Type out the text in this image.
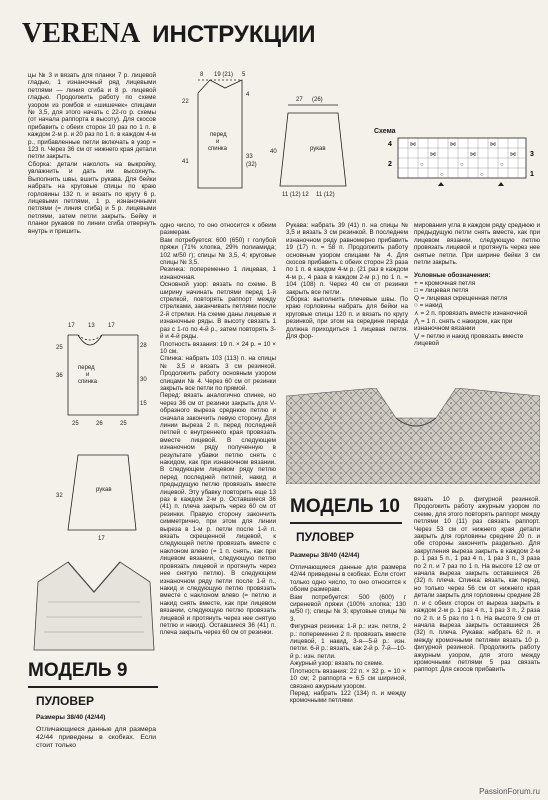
VERENA ИНСТРУКЦИИ
цы № 3 и вязать для планки 7 р. лицевой гладью, 1 изнаночный ряд лицевыми петлями — линия сгиба и 8 р. лицевой гладью. Продолжить работу по схеме узором из ромбов и «шишечек» спицами № 3,5, для этого начать с 22-го р. схемы (от начала раппорта в высоту). Для скосов прибавить с обеих сторон 10 раз по 1 п. в каждом 2-м р. и 20 раз по 1 п. в каждом 4-м р., прибавленные петли включать в узор = 123 п. Через 36 см от нижнего края детали петли закрыть.
Сборка: детали наколоть на выкройку, увлажнить и дать им высохнуть. Выполнить швы, вшить рукава. Для бейки набрать на круговые спицы по краю горловины 132 п. и вязать по кругу 6 р. лицевыми петлями, 1 р. изнаночными петлями (= линия сгиба) и 5 р. лицевыми петлями, затем петли закрыть. Бейку и планки рукавов по линии сгиба отвернуть внутрь и пришить.
8 19 (21) 5
22
41
4
33
(32)
перед
и
спинка
27 (26)
40	рукав
11 (12) 12 11 (12)
Схема
⋈
⋈
⋈
⋈
⋈
⋈
○
○
○
○
○
4
3
2
1
мирования угла в каждом ряду среднюю и предыдущую петли снять вместе, как при лицевом вязании, следующую петлю провязать лицевой и протянуть через нее снятые петли. При ширине бейки 3 см петли закрыть.
Условные обозначения:
+ = кромочная петля
□ = лицевая петля
Q = лицевая скрещенная петля
○ = накид
⋏ = 2 п. провязать вместе изнаночной
⋀ = 1 п. снять с накидом, как при изнаночном вязании
⋁ = петлю и накид провязать вместе лицевой
17 13 17
25	28
перед
и
спинка
36
30
15
25	26	25
рукав
32
17
МОДЕЛЬ 9
ПУЛОВЕР
Размеры 38/40 (42/44)
Отличающиеся данные для размера 42/44 приведены в скобках. Если стоит только
одно число, то оно относится к обеим размерам.
Вам потребуется: 600 (650) г голубой пряжи (71% хлопка, 29% полиамида; 102 м/50 г); спицы № 3,5, 4; круговые спицы № 3,5.
Резинка: попеременно 1 лицевая, 1 изнаночная.
Основной узор: вязать по схеме. В ширину начинать петлями перед 1-й стрелкой, повторять раппорт между стрелками, заканчивать петлями после 2-й стрелки. На схеме даны лицевые и изнаночные ряды. В высоту связать 1 раз с 1-го по 4-й р., затем повторять 3-й и 4-й ряды.
Плотность вязания: 19 п. × 24 р. = 10 × 10 см.
Спинка: набрать 103 (113) п. на спицы № 3,5 и вязать 3 см резинкой. Продолжить работу основным узором спицами № 4. Через 60 см от резинки закрыть все петли по прямой.
Перед: вязать аналогично спинке, но через 36 см от резинки закрыть для V-образного выреза среднюю петлю и сначала закончить левую сторону. Для линии выреза 2 п. перед последней петлей с внутреннего края провязать вместе лицевой. В следующем изнаночном ряду полученную в результате убавки петлю снять с накидом, как при изнаночном вязании. В следующем лицевом ряду петлю перед последней петлей, накид и предыдущую петлю провязать вместе лицевой. Эту убавку повторить еще 13 раз в каждом 2-м р. Оставшиеся 36 (41) п. плеча закрыть через 60 см от резинки. Правую сторону закончить симметрично, при этом для линии выреза в 1-м р. петли после 1-й п. вязать скрещенной лицевой, к следующей петле провязать вместе с наклоном влево (= 1 п. снять, как при лицевом вязании, следующую петлю провязать лицевой и протянуть через нее снятую петлю). В следующем изнаночном ряду петли после 1-й п., накид и следующую петлю провязать вместе с наклоном влево (= петлю и накид снять вместе, как при лицевом вязании, следующую петлю провязать лицевой и протянуть через нее снятую петлю и накид). Оставшиеся 36 (41) п. плеча закрыть через 60 см от резинки.
Рукава: набрать 39 (41) п. на спицы № 3,5 и вязать 3 см резинкой. В последнем изнаночном ряду равномерно прибавить 19 (17) п. = 58 п. Продолжить работу основным узором спицами № 4. Для скосов прибавить с обеих сторон 23 раза по 1 п. в каждом 4-м р. (21 раз в каждом 4-м р., 4 раза в каждом 2-м р.) по 1 п. = 104 (108) п. Через 40 см от резинки закрыть все петли.
Сборка: выполнить плечевые швы. По краю горловины набрать для бейки на круговые спицы 120 п. и вязать по кругу резинкой, при этом на середине переда должна приходиться 1 лицевая петля. Для фор-
МОДЕЛЬ 10
ПУЛОВЕР
Размеры 38/40 (42/44)
Отличающиеся данные для размера 42/44 приведены в скобках. Если стоит только одно число, то оно относится к обоим размерам.
Вам потребуется: 500 (600) г сиреневой пряжи (100% хлопка; 130 м/50 г); спицы № 3; круговые спицы № 3.
Фигурная резинка: 1-й р.: изн. петля, 2 р.: попеременно 2 п. провязать вместе лицевой, 1 накид, 3-я—5-й р.: изн. петли. 6-й р.: вязать, как 2-й р. 7-й—10-й р.: изн. петли.
Ажурный узор: вязать по схеме.
Плотность вязания: 22 п. × 32 р. = 10 × 10 см; 2 раппорта = 6,5 см шириной, связано ажурным узором.
Перед: набрать 122 (134) п. и между кромочными петлями
вязать 10 р. фигурной резинкой. Продолжить работу ажурным узором по схеме, для этого повторять раппорт между петлями 10 (11) раз связать раппорт. Через 53 см от нижнего края детали закрыть для горловины средние 20 п. и обе стороны закончить раздельно. Для закругления выреза закрыть в каждом 2-м р. 1 раз 5 п., 1 раз 4 п., 1 раз 3 п., 3 раза по 2 п. и 7 раз по 1 п. На высоте 12 см от начала выреза закрыть оставшиеся 26 (32) п. плеча. Спинка: вязать, как перед, но только через 56 см от нижнего края детали закрыть для горловины средние 28 п. и с обеих сторон от выреза закрыть в каждом 2-м р. 1 раз 4 п., 1 раз 3 п., 2 раза по 2 п. и 5 раз по 1 п. На высоте 9 см от начала выреза закрыть оставшиеся 26 (32) п. плеча. Рукава: набрать 62 п. и между кромочными петлями вязать 10 р. фигурной резинкой. Продолжить работу ажурным узором, для этого между кромочными петлями 5 раз связать раппорт. Для скосов прибавить
PassionForum.ru
